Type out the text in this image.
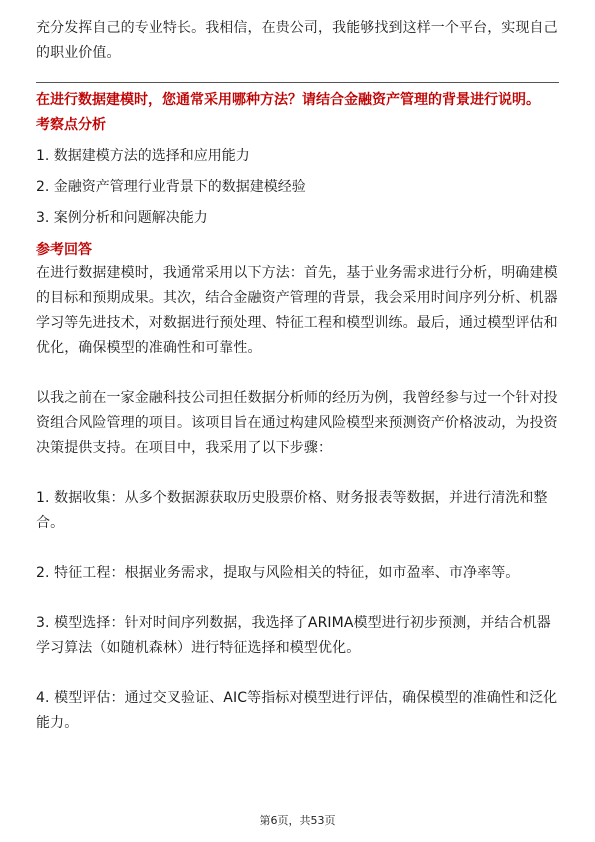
充分发挥自己的专业特长。我相信，在贵公司，我能够找到这样一个平台，实现自己的职业价值。

在进行数据建模时，您通常采用哪种方法？请结合金融资产管理的背景进行说明。

考察点分析

1. 数据建模方法的选择和应用能力

2. 金融资产管理行业背景下的数据建模经验

3. 案例分析和问题解决能力

参考回答

在进行数据建模时，我通常采用以下方法：首先，基于业务需求进行分析，明确建模的目标和预期成果。其次，结合金融资产管理的背景，我会采用时间序列分析、机器学习等先进技术，对数据进行预处理、特征工程和模型训练。最后，通过模型评估和优化，确保模型的准确性和可靠性。

以我之前在一家金融科技公司担任数据分析师的经历为例，我曾经参与过一个针对投资组合风险管理的项目。该项目旨在通过构建风险模型来预测资产价格波动，为投资决策提供支持。在项目中，我采用了以下步骤：

1. 数据收集：从多个数据源获取历史股票价格、财务报表等数据，并进行清洗和整合。

2. 特征工程：根据业务需求，提取与风险相关的特征，如市盈率、市净率等。

3. 模型选择：针对时间序列数据，我选择了ARIMA模型进行初步预测，并结合机器学习算法（如随机森林）进行特征选择和模型优化。

4. 模型评估：通过交叉验证、AIC等指标对模型进行评估，确保模型的准确性和泛化能力。

第6页，共53页
